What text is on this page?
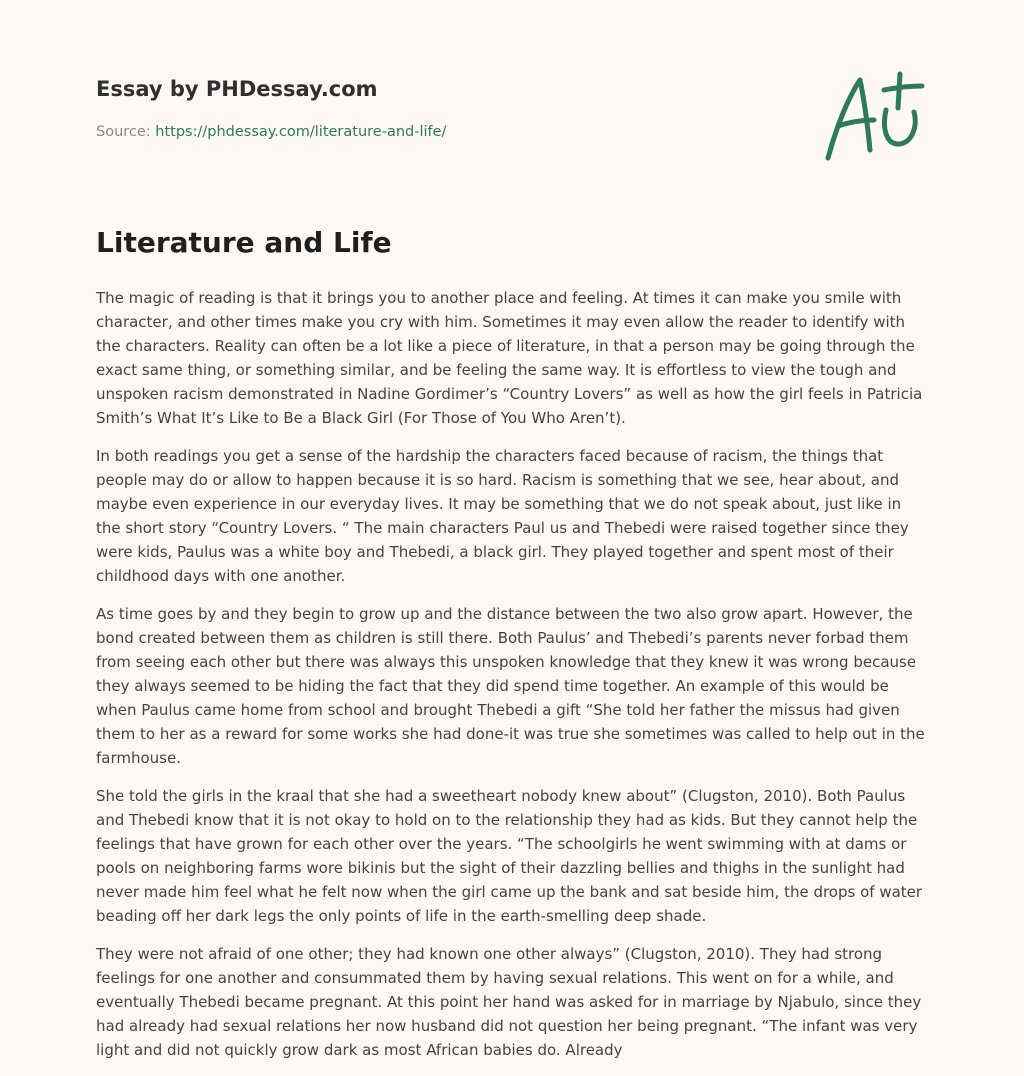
Essay by PHDessay.com
Source: https://phdessay.com/literature-and-life/
Literature and Life

The magic of reading is that it brings you to another place and feeling. At times it can make you smile with character, and other times make you cry with him. Sometimes it may even allow the reader to identify with the characters. Reality can often be a lot like a piece of literature, in that a person may be going through the exact same thing, or something similar, and be feeling the same way. It is effortless to view the tough and unspoken racism demonstrated in Nadine Gordimer’s “Country Lovers” as well as how the girl feels in Patricia Smith’s What It’s Like to Be a Black Girl (For Those of You Who Aren’t).

In both readings you get a sense of the hardship the characters faced because of racism, the things that people may do or allow to happen because it is so hard. Racism is something that we see, hear about, and maybe even experience in our everyday lives. It may be something that we do not speak about, just like in the short story “Country Lovers. “ The main characters Paul us and Thebedi were raised together since they were kids, Paulus was a white boy and Thebedi, a black girl. They played together and spent most of their childhood days with one another.

As time goes by and they begin to grow up and the distance between the two also grow apart. However, the bond created between them as children is still there. Both Paulus’ and Thebedi’s parents never forbad them from seeing each other but there was always this unspoken knowledge that they knew it was wrong because they always seemed to be hiding the fact that they did spend time together. An example of this would be when Paulus came home from school and brought Thebedi a gift “She told her father the missus had given them to her as a reward for some works she had done-it was true she sometimes was called to help out in the farmhouse.

She told the girls in the kraal that she had a sweetheart nobody knew about” (Clugston, 2010). Both Paulus and Thebedi know that it is not okay to hold on to the relationship they had as kids. But they cannot help the feelings that have grown for each other over the years. “The schoolgirls he went swimming with at dams or pools on neighboring farms wore bikinis but the sight of their dazzling bellies and thighs in the sunlight had never made him feel what he felt now when the girl came up the bank and sat beside him, the drops of water beading off her dark legs the only points of life in the earth-smelling deep shade.

They were not afraid of one other; they had known one other always” (Clugston, 2010). They had strong feelings for one another and consummated them by having sexual relations. This went on for a while, and eventually Thebedi became pregnant. At this point her hand was asked for in marriage by Njabulo, since they had already had sexual relations her now husband did not question her being pregnant. “The infant was very light and did not quickly grow dark as most African babies do. Already
